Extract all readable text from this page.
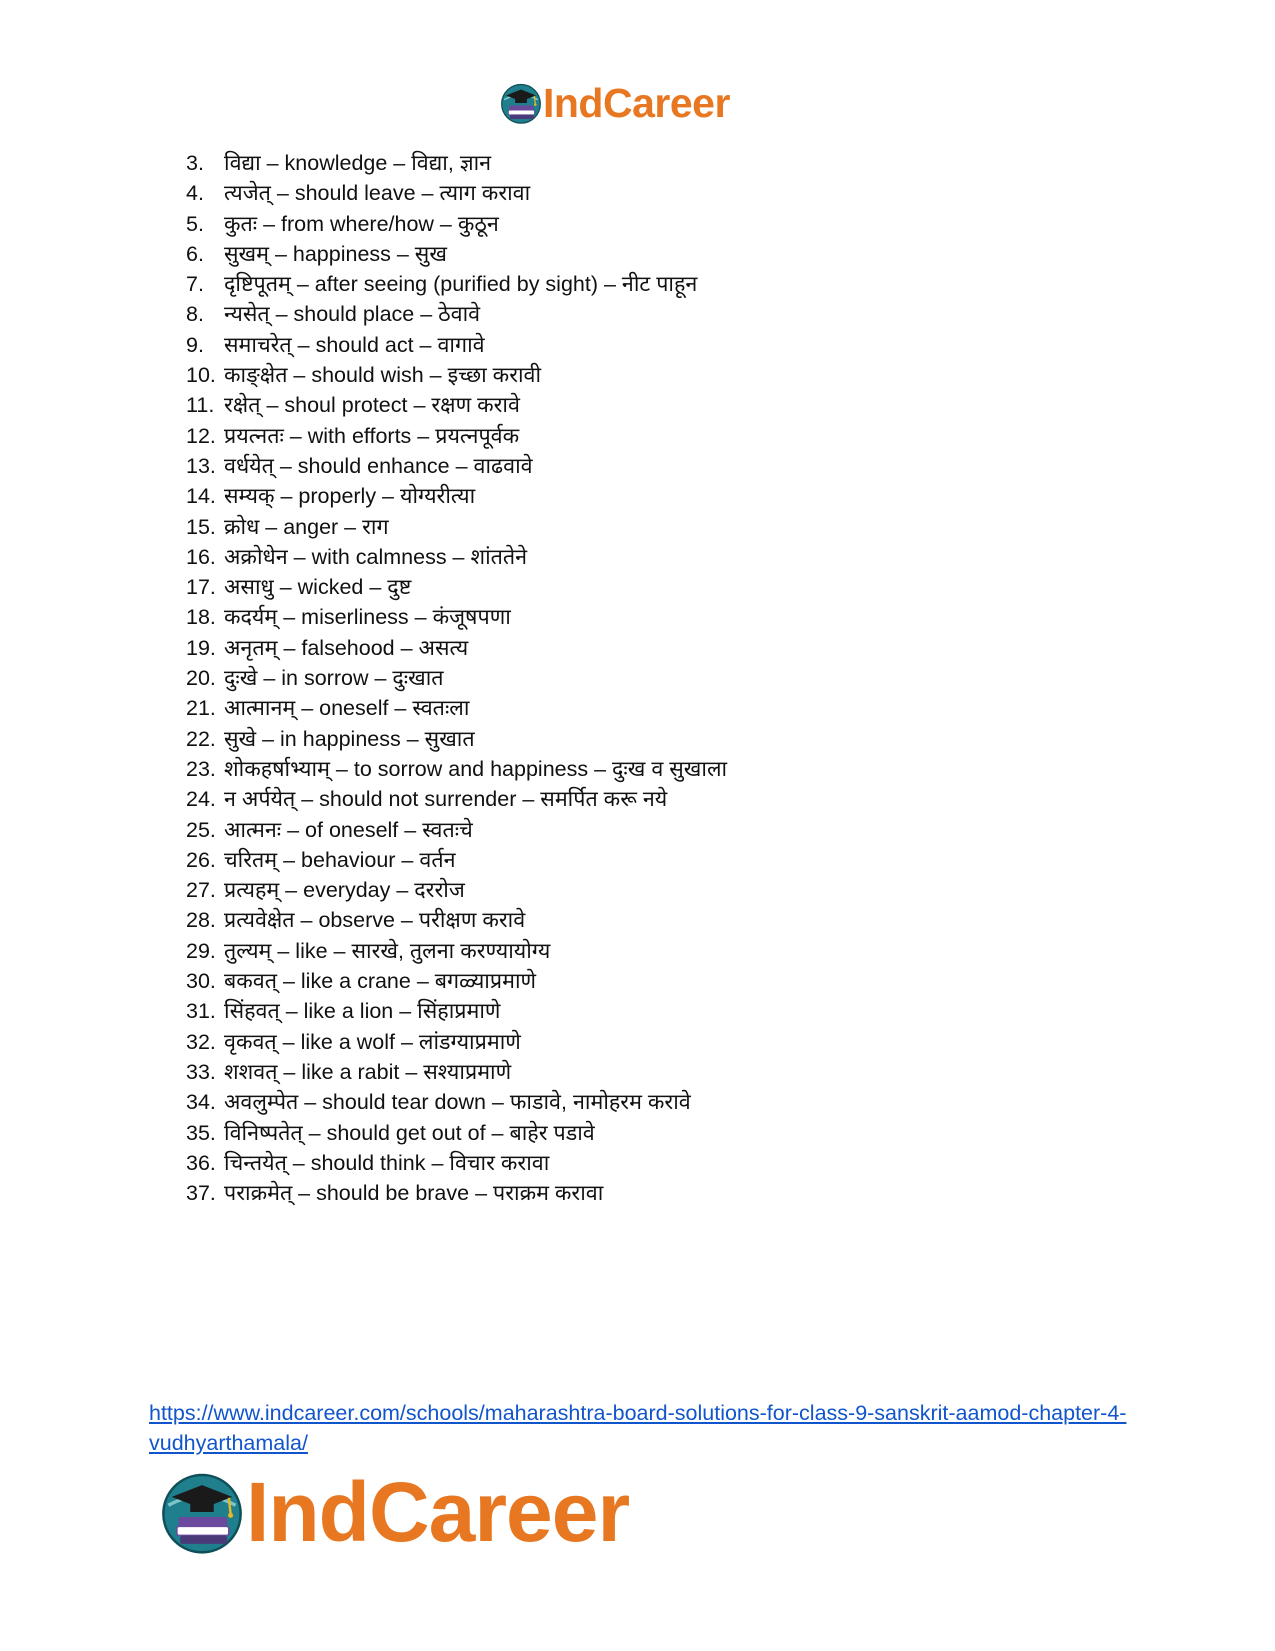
IndCareer
3. विद्या – knowledge – विद्या, ज्ञान
4. त्यजेत् – should leave – त्याग करावा
5. कुतः – from where/how – कुठून
6. सुखम् – happiness – सुख
7. दृष्टिपूतम् – after seeing (purified by sight) – नीट पाहून
8. न्यसेत् – should place – ठेवावे
9. समाचरेत् – should act – वागावे
10. काङ्क्षेत – should wish – इच्छा करावी
11. रक्षेत् – shoul protect – रक्षण करावे
12. प्रयत्नतः – with efforts – प्रयत्नपूर्वक
13. वर्धयेत् – should enhance – वाढवावे
14. सम्यक् – properly – योग्यरीत्या
15. क्रोध – anger – राग
16. अक्रोधेन – with calmness – शांततेने
17. असाधु – wicked – दुष्ट
18. कदर्यम् – miserliness – कंजूषपणा
19. अनृतम् – falsehood – असत्य
20. दुःखे – in sorrow – दुःखात
21. आत्मानम् – oneself – स्वतःला
22. सुखे – in happiness – सुखात
23. शोकहर्षाभ्याम् – to sorrow and happiness – दुःख व सुखाला
24. न अर्पयेत् – should not surrender – समर्पित करू नये
25. आत्मनः – of oneself – स्वतःचे
26. चरितम् – behaviour – वर्तन
27. प्रत्यहम् – everyday – दररोज
28. प्रत्यवेक्षेत – observe – परीक्षण करावे
29. तुल्यम् – like – सारखे, तुलना करण्यायोग्य
30. बकवत् – like a crane – बगळ्याप्रमाणे
31. सिंहवत् – like a lion – सिंहाप्रमाणे
32. वृकवत् – like a wolf – लांडग्याप्रमाणे
33. शशवत् – like a rabit – सश्याप्रमाणे
34. अवलुम्पेत – should tear down – फाडावे, नामोहरम करावे
35. विनिष्पतेत् – should get out of – बाहेर पडावे
36. चिन्तयेत् – should think – विचार करावा
37. पराक्रमेत् – should be brave – पराक्रम करावा
https://www.indcareer.com/schools/maharashtra-board-solutions-for-class-9-sanskrit-aamod-chapter-4-vudhyarthamala/
IndCareer
